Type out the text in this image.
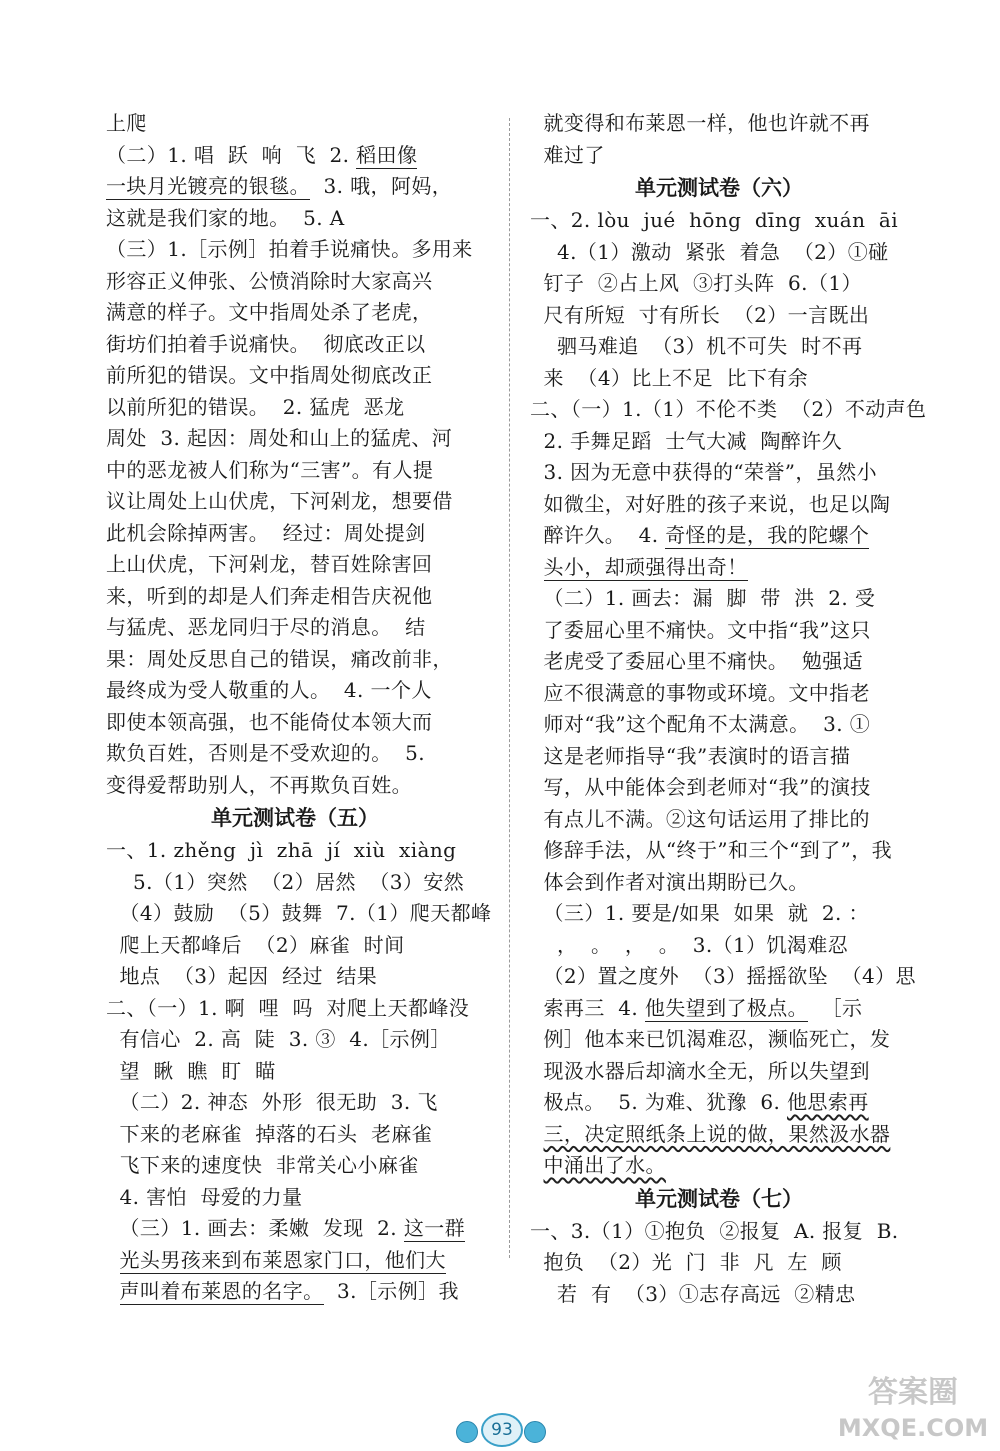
上爬
（二）1. 唱  跃  响  飞  2. 稻田像
一块月光镀亮的银毯。  3. 哦，阿妈，
这就是我们家的地。  5. A
（三）1.［示例］拍着手说痛快。多用来
形容正义伸张、公愤消除时大家高兴
满意的样子。文中指周处杀了老虎，
街坊们拍着手说痛快。  彻底改正以
前所犯的错误。文中指周处彻底改正
以前所犯的错误。  2. 猛虎  恶龙
周处  3. 起因：周处和山上的猛虎、河
中的恶龙被人们称为“三害”。有人提
议让周处上山伏虎，下河剁龙，想要借
此机会除掉两害。  经过：周处提剑
上山伏虎，下河剁龙，替百姓除害回
来，听到的却是人们奔走相告庆祝他
与猛虎、恶龙同归于尽的消息。  结
果：周处反思自己的错误，痛改前非，
最终成为受人敬重的人。  4. 一个人
即使本领高强，也不能倚仗本领大而
欺负百姓，否则是不受欢迎的。  5.
变得爱帮助别人，不再欺负百姓。
单元测试卷（五）
一、1. zhěng  jì  zhā  jí  xiù  xiàng
5.（1）突然  （2）居然  （3）安然
（4）鼓励  （5）鼓舞  7.（1）爬天都峰
爬上天都峰后  （2）麻雀  时间
地点  （3）起因  经过  结果
二、（一）1. 啊  哩  吗  对爬上天都峰没
有信心  2. 高  陡  3. ③  4.［示例］
望  瞅  瞧  盯  瞄
（二）2. 神态  外形  很无助  3. 飞
下来的老麻雀  掉落的石头  老麻雀
飞下来的速度快  非常关心小麻雀
4. 害怕  母爱的力量
（三）1. 画去：柔嫩  发现  2. 这一群
光头男孩来到布莱恩家门口，他们大
声叫着布莱恩的名字。  3.［示例］我
就变得和布莱恩一样，他也许就不再
难过了
单元测试卷（六）
一、2. lòu  jué  hōng  dīng  xuán  āi
4.（1）激动  紧张  着急  （2）①碰
钉子  ②占上风  ③打头阵  6.（1）
尺有所短  寸有所长  （2）一言既出
驷马难追  （3）机不可失  时不再
来  （4）比上不足  比下有余
二、（一）1.（1）不伦不类  （2）不动声色
2. 手舞足蹈  士气大减  陶醉许久
3. 因为无意中获得的“荣誉”，虽然小
如微尘，对好胜的孩子来说，也足以陶
醉许久。  4. 奇怪的是，我的陀螺个
头小，却顽强得出奇！
（二）1. 画去：漏  脚  带  洪  2. 受
了委屈心里不痛快。文中指“我”这只
老虎受了委屈心里不痛快。  勉强适
应不很满意的事物或环境。文中指老
师对“我”这个配角不太满意。  3. ①
这是老师指导“我”表演时的语言描
写，从中能体会到老师对“我”的演技
有点儿不满。②这句话运用了排比的
修辞手法，从“终于”和三个“到了”，我
体会到作者对演出期盼已久。
（三）1. 要是/如果  如果  就  2. ：
，  。  ，  。  3.（1）饥渴难忍
（2）置之度外  （3）摇摇欲坠  （4）思
索再三  4. 他失望到了极点。  ［示
例］他本来已饥渴难忍，濒临死亡，发
现汲水器后却滴水全无，所以失望到
极点。  5. 为难、犹豫  6. 他思索再
三，决定照纸条上说的做，果然汲水器
中涌出了水。
单元测试卷（七）
一、3.（1）①抱负  ②报复  A. 报复  B.
抱负  （2）光  门  非  凡  左  顾
若  有  （3）①志存高远  ②精忠
93
答案圈
MXQE.COM
